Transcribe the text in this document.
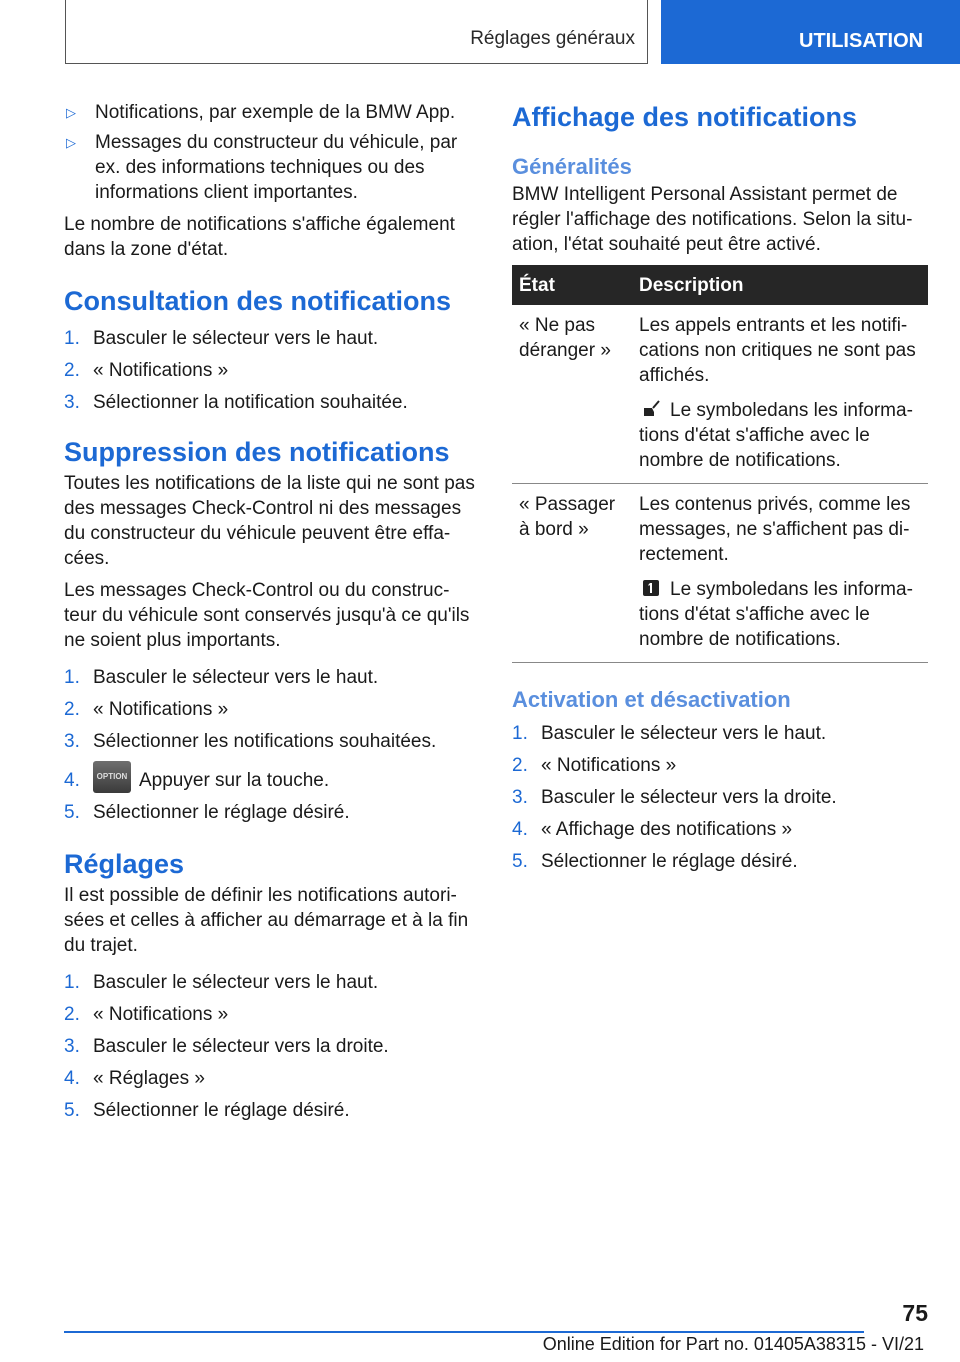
Réglages généraux	UTILISATION
▷	Notifications, par exemple de la BMW App.
▷	Messages du constructeur du véhicule, par ex. des informations techniques ou des informations client importantes.

Le nombre de notifications s'affiche également dans la zone d'état.

Consultation des notifications
1. Basculer le sélecteur vers le haut.
2. « Notifications »
3. Sélectionner la notification souhaitée.
Suppression des notifications

Toutes les notifications de la liste qui ne sont pas des messages Check-Control ni des messages du constructeur du véhicule peuvent être effa-cées.

Les messages Check-Control ou du construc-teur du véhicule sont conservés jusqu'à ce qu'ils ne soient plus importants.

1. Basculer le sélecteur vers le haut.
2. « Notifications »
3. Sélectionner les notifications souhaitées.
4.	OPTION Appuyer sur la touche.
5. Sélectionner le réglage désiré.
Réglages

Il est possible de définir les notifications autori-sées et celles à afficher au démarrage et à la fin du trajet.

1. Basculer le sélecteur vers le haut.
2. « Notifications »
3. Basculer le sélecteur vers la droite.
4. « Réglages »
5. Sélectionner le réglage désiré.
Affichage des notifications
Généralités

BMW Intelligent Personal Assistant permet de régler l'affichage des notifications. Selon la situ-ation, l'état souhaité peut être activé.

État	Description
« Ne pas déranger »	Les appels entrants et les notifi-cations non critiques ne sont pas affichés.
Le symboledans les informa-tions d'état s'affiche avec le nombre de notifications.

« Passager à bord »	Les contenus privés, comme les messages, ne s'affichent pas di-rectement.
Le symboledans les informa-tions d'état s'affiche avec le nombre de notifications.
Activation et désactivation
1. Basculer le sélecteur vers le haut.
2. « Notifications »
3. Basculer le sélecteur vers la droite.
4. « Affichage des notifications »
5. Sélectionner le réglage désiré.
75
Online Edition for Part no. 01405A38315 - VI/21
